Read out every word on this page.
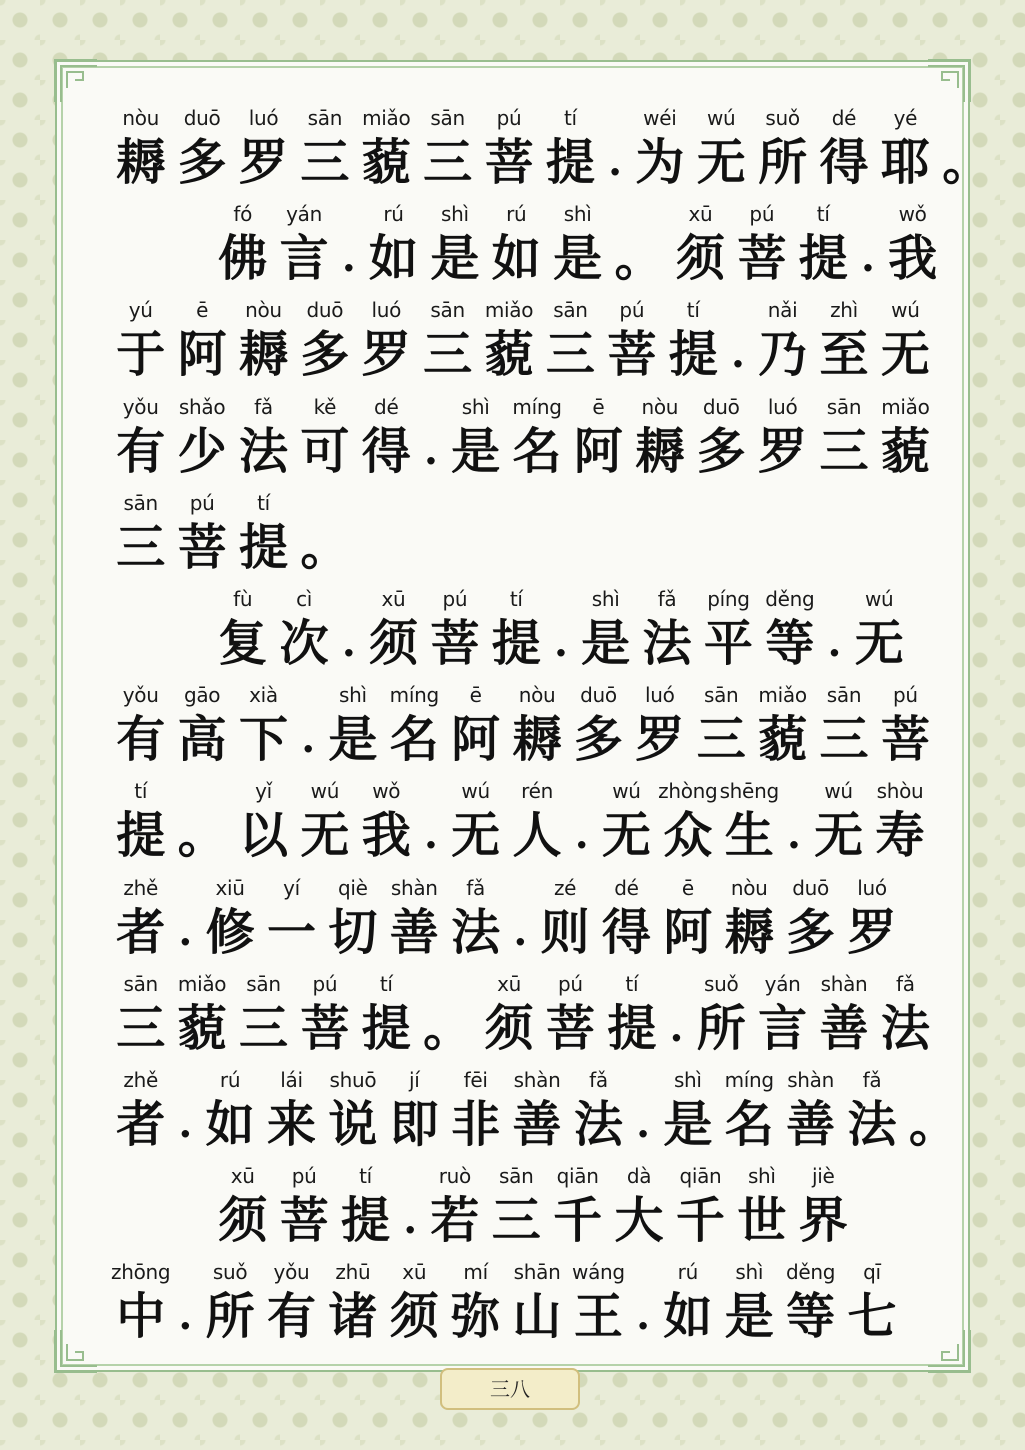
nòu
耨
duō
多
luó
罗
sān
三
miǎo
藐
sān
三
pú
菩
tí
提 .
wéi
为
wú
无
suǒ
所
dé
得
yé
耶 。
fó
佛
yán
言 .
rú
如
shì
是
rú
如
shì
是 。
xū
须
pú
菩
tí
提 .
wǒ
我
yú
于
ē
阿
nòu
耨
duō
多
luó
罗
sān
三
miǎo
藐
sān
三
pú
菩
tí
提 .
nǎi
乃
zhì
至
wú
无
yǒu
有
shǎo
少
fǎ
法
kě
可
dé
得 .
shì
是
míng
名
ē
阿
nòu
耨
duō
多
luó
罗
sān
三
miǎo
藐
sān
三
pú
菩
tí
提 。
fù
复
cì
次 .
xū
须
pú
菩
tí
提 .
shì
是
fǎ
法
píng
平
děng
等 .
wú
无
yǒu
有
gāo
高
xià
下 .
shì
是
míng
名
ē
阿
nòu
耨
duō
多
luó
罗
sān
三
miǎo
藐
sān
三
pú
菩
tí
提 。
yǐ
以
wú
无
wǒ
我 .
wú
无
rén
人 .
wú
无
zhòng
众
shēng
生 .
wú
无
shòu
寿
zhě
者 .
xiū
修
yí
一
qiè
切
shàn
善
fǎ
法 .
zé
则
dé
得
ē
阿
nòu
耨
duō
多
luó
罗
sān
三
miǎo
藐
sān
三
pú
菩
tí
提 。
xū
须
pú
菩
tí
提 .
suǒ
所
yán
言
shàn
善
fǎ
法
zhě
者 .
rú
如
lái
来
shuō
说
jí
即
fēi
非
shàn
善
fǎ
法 .
shì
是
míng
名
shàn
善
fǎ
法 。
xū
须
pú
菩
tí
提 .
ruò
若
sān
三
qiān
千
dà
大
qiān
千
shì
世
jiè
界
zhōng
中 .
suǒ
所
yǒu
有
zhū
诸
xū
须
mí
弥
shān
山
wáng
王 .
rú
如
shì
是
děng
等
qī
七
三八
